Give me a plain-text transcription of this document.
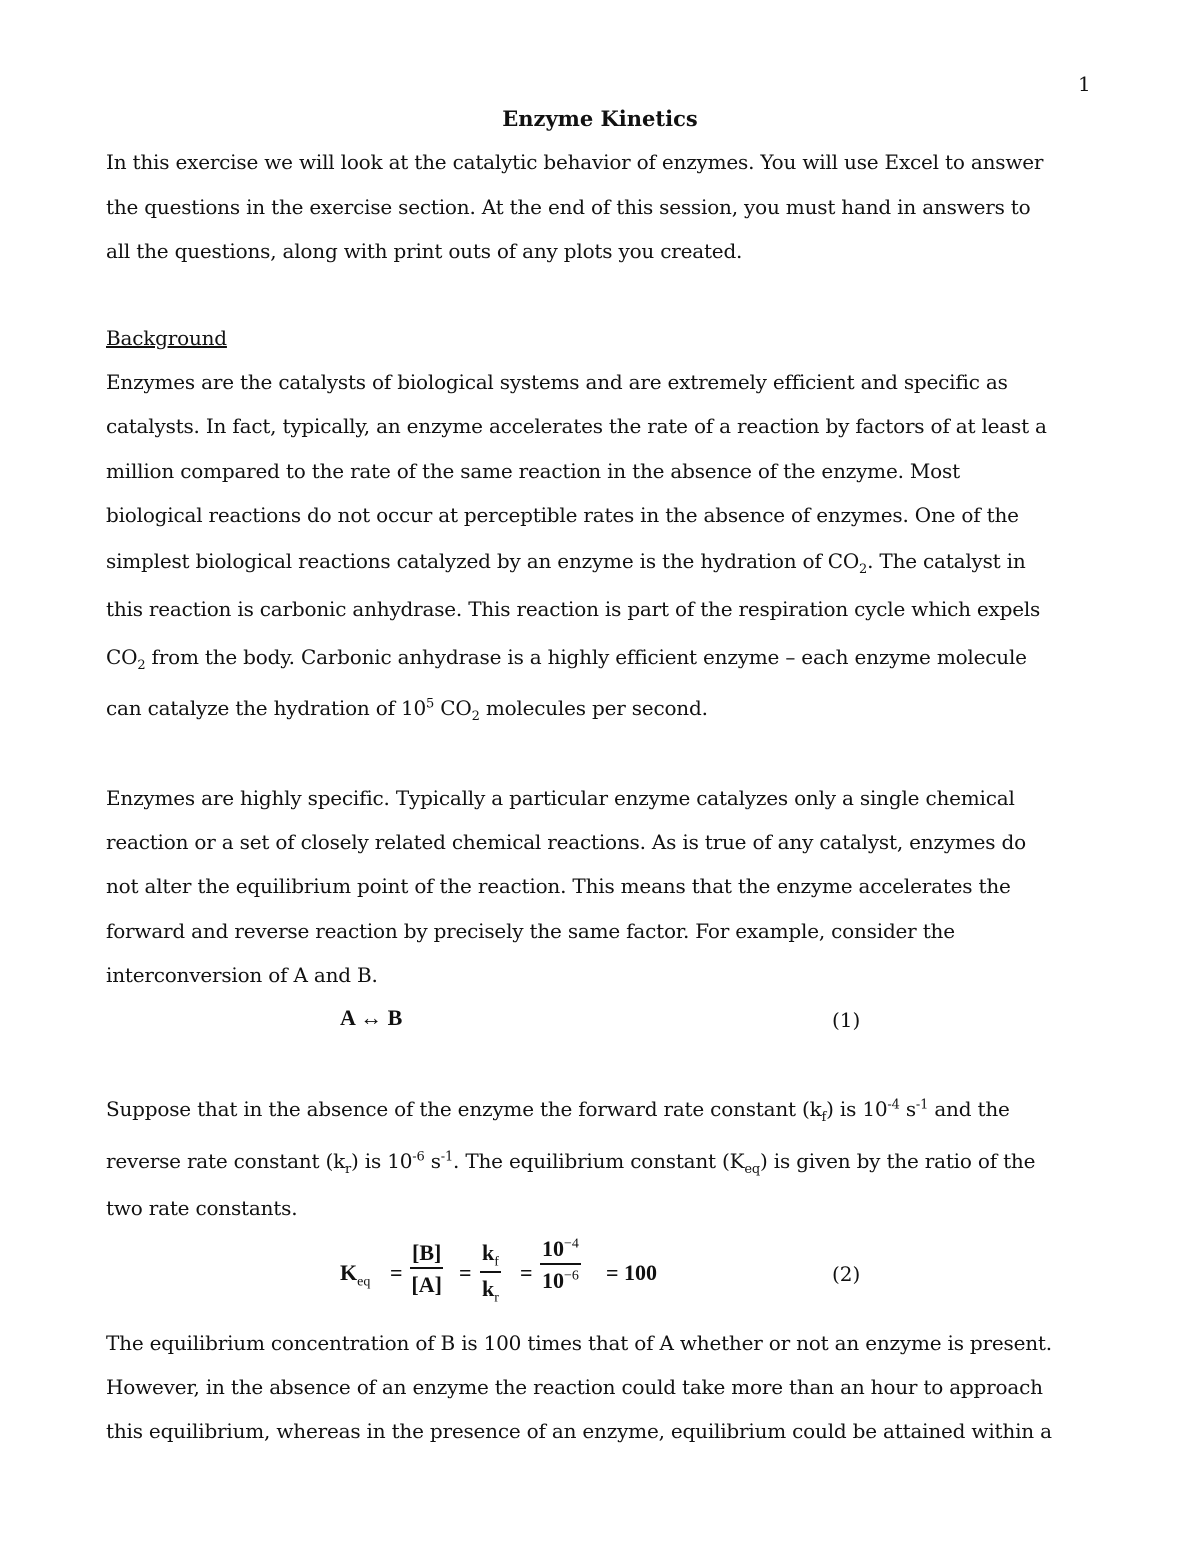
1
Enzyme Kinetics
In this exercise we will look at the catalytic behavior of enzymes. You will use Excel to answer
the questions in the exercise section. At the end of this session, you must hand in answers to
all the questions, along with print outs of any plots you created.
Background
Enzymes are the catalysts of biological systems and are extremely efficient and specific as
catalysts. In fact, typically, an enzyme accelerates the rate of a reaction by factors of at least a
million compared to the rate of the same reaction in the absence of the enzyme. Most
biological reactions do not occur at perceptible rates in the absence of enzymes. One of the
simplest biological reactions catalyzed by an enzyme is the hydration of $CO_2$. The catalyst in
this reaction is carbonic anhydrase. This reaction is part of the respiration cycle which expels
$CO_2$ from the body. Carbonic anhydrase is a highly efficient enzyme – each enzyme molecule
can catalyze the hydration of $10^5$ $CO_2$ molecules per second.
Enzymes are highly specific. Typically a particular enzyme catalyzes only a single chemical
reaction or a set of closely related chemical reactions. As is true of any catalyst, enzymes do
not alter the equilibrium point of the reaction. This means that the enzyme accelerates the
forward and reverse reaction by precisely the same factor. For example, consider the
interconversion of A and B.
A ↔ B	(1)
Suppose that in the absence of the enzyme the forward rate constant $(k_f)$ is $10^{-4}$ $s^{-1}$ and the
reverse rate constant $(k_r)$ is $10^{-6}$ $s^{-1}$. The equilibrium constant $(K_{eq})$ is given by the ratio of the
two rate constants.
$K_{eq} = \frac{[B]}{[A]} = \frac{k_f}{k_r} = \frac{10^{-4}}{10^{-6}} = 100$	(2)
The equilibrium concentration of B is 100 times that of A whether or not an enzyme is present.
However, in the absence of an enzyme the reaction could take more than an hour to approach
this equilibrium, whereas in the presence of an enzyme, equilibrium could be attained within a
